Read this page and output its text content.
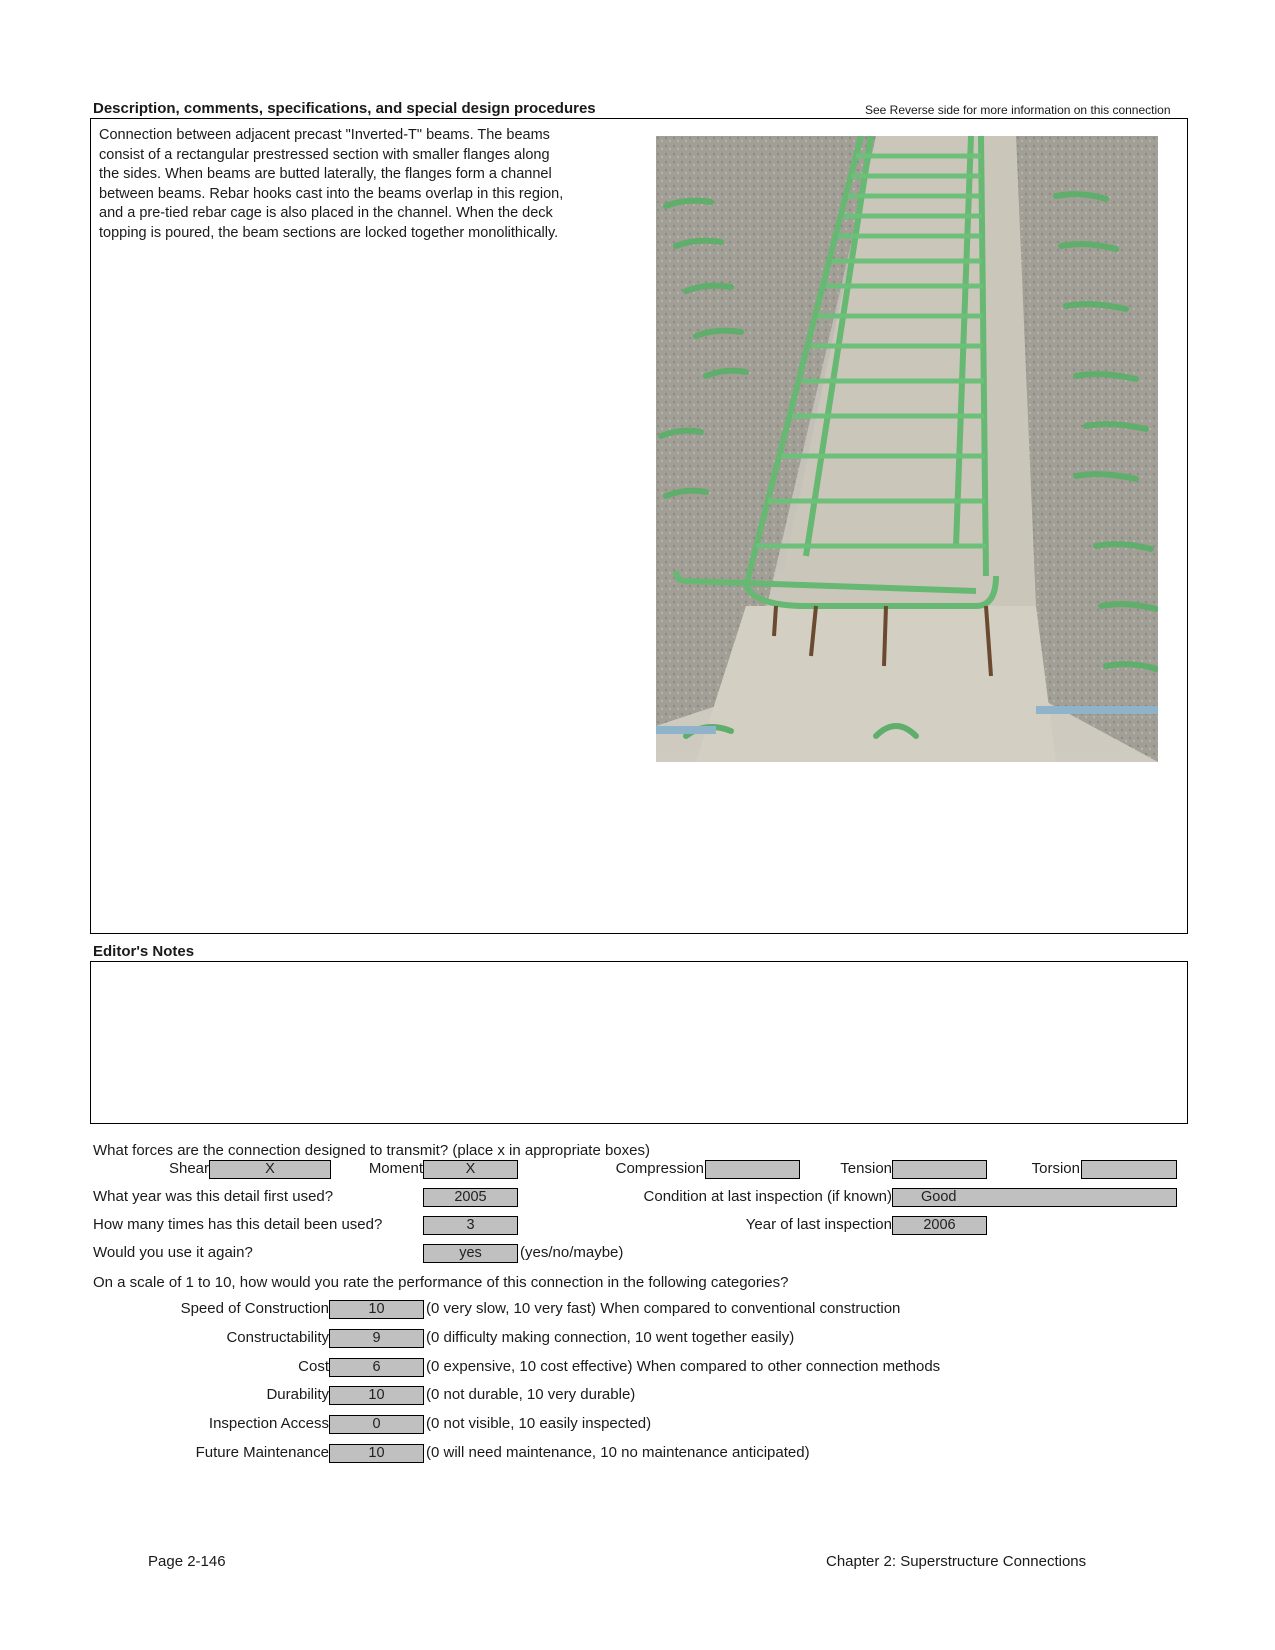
Description, comments, specifications, and special design procedures	See Reverse side for more information on this connection
Connection between adjacent precast "Inverted-T" beams. The beams
consist of a rectangular prestressed section with smaller flanges along
the sides. When beams are butted laterally, the flanges form a channel
between beams. Rebar hooks cast into the beams overlap in this region,
and a pre-tied rebar cage is also placed in the channel. When the deck
topping is poured, the beam sections are locked together monolithically.
Editor's Notes
What forces are the connection designed to transmit? (place x in appropriate boxes)
Shear	X	Moment	X	Compression	Tension	Torsion
What year was this detail first used?	2005	Condition at last inspection (if known)	Good
How many times has this detail been used?	3	Year of last inspection	2006
Would you use it again?	yes	(yes/no/maybe)
On a scale of 1 to 10, how would you rate the performance of this connection in the following categories?
Speed of Construction	10	(0 very slow, 10 very fast) When compared to conventional construction
Constructability	9	(0 difficulty making connection, 10 went together easily)
Cost	6	(0 expensive, 10 cost effective) When compared to other connection methods
Durability	10	(0 not durable, 10 very durable)
Inspection Access	0	(0 not visible, 10 easily inspected)
Future Maintenance	10	(0 will need maintenance, 10 no maintenance anticipated)
Page 2-146	Chapter 2: Superstructure Connections
